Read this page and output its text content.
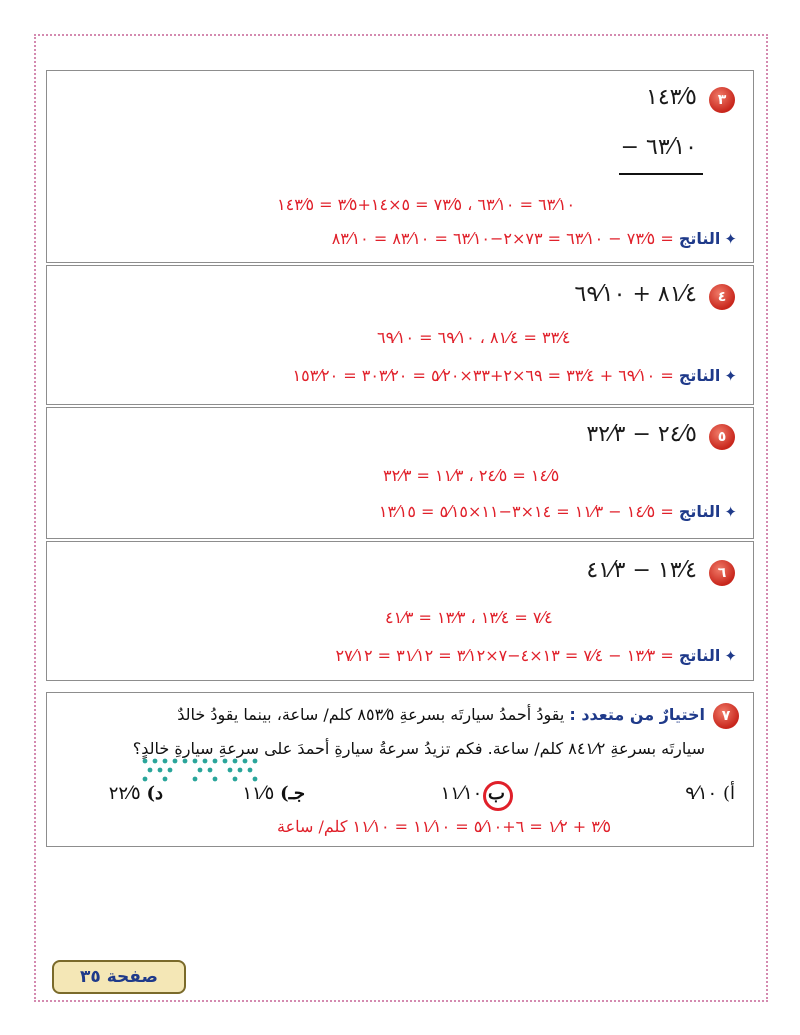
٣
١٤٣⁄٥
٦٣⁄١٠ −
٦٣⁄١٠ = ٦٣⁄١٠ ، ٧٣⁄٥ = ٥×١٤+٣⁄٥ = ١٤٣⁄٥
✦الناتج = ٧٣⁄٥ − ٦٣⁄١٠ = ٧٣×٢−٦٣⁄١٠ = ٨٣⁄١٠ = ٨٣⁄١٠
٤
٨١⁄٤ + ٦٩⁄١٠
٣٣⁄٤ = ٨١⁄٤ ، ٦٩⁄١٠ = ٦٩⁄١٠
✦الناتج = ٦٩⁄١٠ + ٣٣⁄٤ = ٦٩×٢+٣٣×٥⁄٢٠ = ٣٠٣⁄٢٠ = ١٥٣⁄٢٠
٥
٢٤⁄٥ − ٣٢⁄٣
١٤⁄٥ = ٢٤⁄٥ ، ١١⁄٣ = ٣٢⁄٣
✦الناتج = ١٤⁄٥ − ١١⁄٣ = ١٤×٣−١١×٥⁄١٥ = ١٣⁄١٥
٦
١٣⁄٤ − ٤١⁄٣
٧⁄٤ = ١٣⁄٤ ، ١٣⁄٣ = ٤١⁄٣
✦الناتج = ١٣⁄٣ − ٧⁄٤ = ١٣×٤−٧×٣⁄١٢ = ٣١⁄١٢ = ٢٧⁄١٢
٧
اختيارٌ من متعدد : يقودُ أحمدُ سيارتَه بسرعةِ ٨٥٣⁄٥ كلم/ ساعة، بينما يقودُ خالدٌ
سيارتَه بسرعةِ ٨٤١⁄٢ كلم/ ساعة. فكم تزيدُ سرعةُ سيارةِ أحمدَ على سرعةِ سيارةِ خالدٍ؟
أ) ٩⁄١٠
ب ١١⁄١٠
جـ) ١١⁄٥
د) ٢٢⁄٥
٣⁄٥ + ١⁄٢ = ٦+٥⁄١٠ = ١١⁄١٠ = ١١⁄١٠ كلم/ ساعة
صفحة ٣٥
